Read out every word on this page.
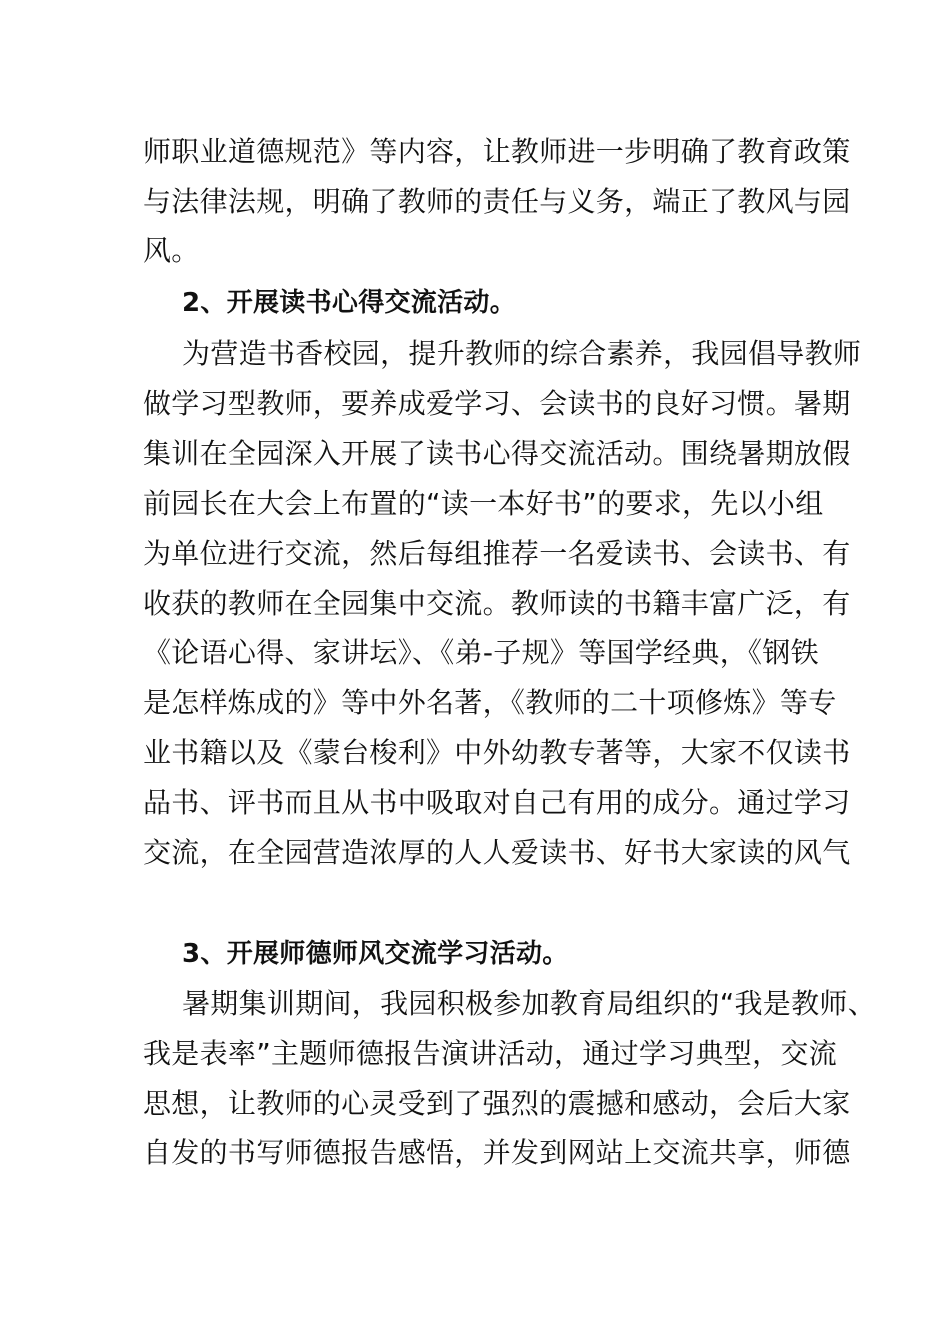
师职业道德规范》等内容，让教师进一步明确了教育政策
与法律法规，明确了教师的责任与义务，端正了教风与园
风。
2、开展读书心得交流活动。
为营造书香校园，提升教师的综合素养，我园倡导教师
做学习型教师，要养成爱学习、会读书的良好习惯。暑期
集训在全园深入开展了读书心得交流活动。围绕暑期放假
前园长在大会上布置的“读一本好书”的要求，先以小组
为单位进行交流，然后每组推荐一名爱读书、会读书、有
收获的教师在全园集中交流。教师读的书籍丰富广泛，有
《论语心得、家讲坛》、《弟-子规》等国学经典，《钢铁
是怎样炼成的》等中外名著，《教师的二十项修炼》等专
业书籍以及《蒙台梭利》中外幼教专著等，大家不仅读书
品书、评书而且从书中吸取对自己有用的成分。通过学习
交流，在全园营造浓厚的人人爱读书、好书大家读的风气
3、开展师德师风交流学习活动。
暑期集训期间，我园积极参加教育局组织的“我是教师、
我是表率”主题师德报告演讲活动，通过学习典型，交流
思想，让教师的心灵受到了强烈的震撼和感动，会后大家
自发的书写师德报告感悟，并发到网站上交流共享，师德
